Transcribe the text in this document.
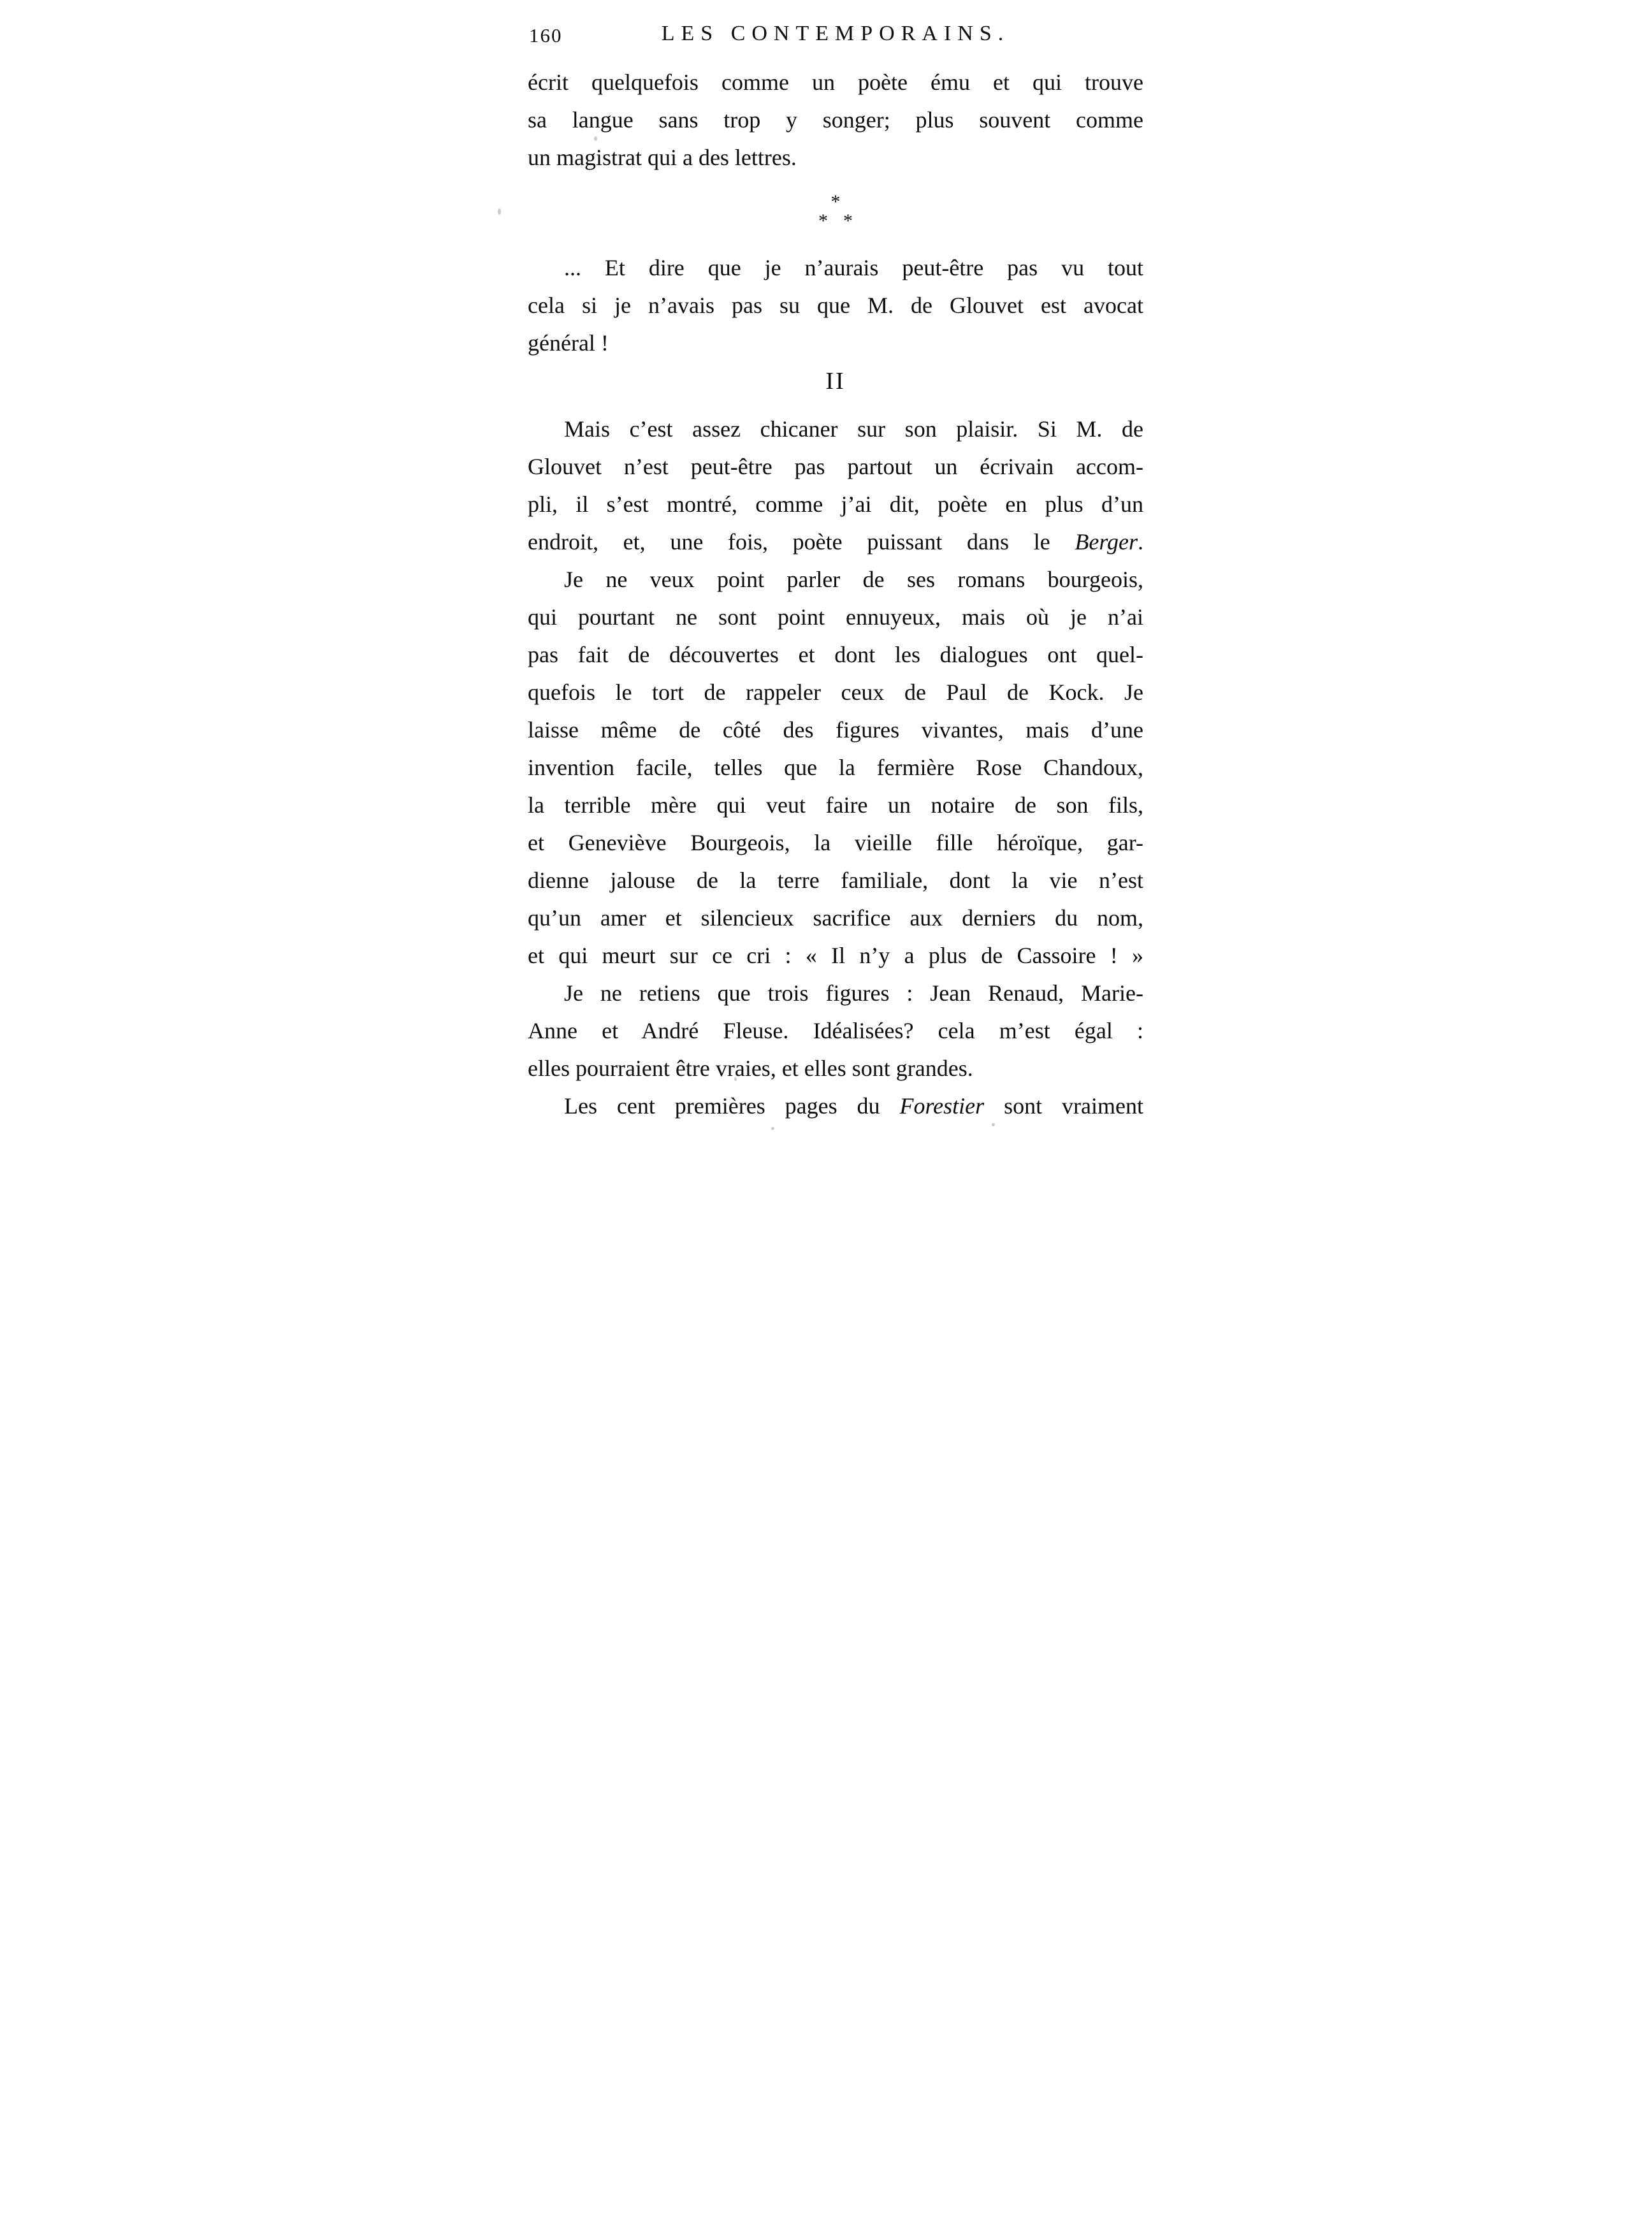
160	LES CONTEMPORAINS.
écrit quelquefois comme un poète ému et qui trouve
sa langue sans trop y songer; plus souvent comme
un magistrat qui a des lettres.
*
* *
... Et dire que je n’aurais peut-être pas vu tout
cela si je n’avais pas su que M. de Glouvet est avocat
général !
II
Mais c’est assez chicaner sur son plaisir. Si M. de
Glouvet n’est peut-être pas partout un écrivain accom-
pli, il s’est montré, comme j’ai dit, poète en plus d’un
endroit, et, une fois, poète puissant dans le Berger.
Je ne veux point parler de ses romans bourgeois,
qui pourtant ne sont point ennuyeux, mais où je n’ai
pas fait de découvertes et dont les dialogues ont quel-
quefois le tort de rappeler ceux de Paul de Kock. Je
laisse même de côté des figures vivantes, mais d’une
invention facile, telles que la fermière Rose Chandoux,
la terrible mère qui veut faire un notaire de son fils,
et Geneviève Bourgeois, la vieille fille héroïque, gar-
dienne jalouse de la terre familiale, dont la vie n’est
qu’un amer et silencieux sacrifice aux derniers du nom,
et qui meurt sur ce cri : « Il n’y a plus de Cassoire ! »
Je ne retiens que trois figures : Jean Renaud, Marie-
Anne et André Fleuse. Idéalisées? cela m’est égal :
elles pourraient être vraies, et elles sont grandes.
Les cent premières pages du Forestier sont vraiment
